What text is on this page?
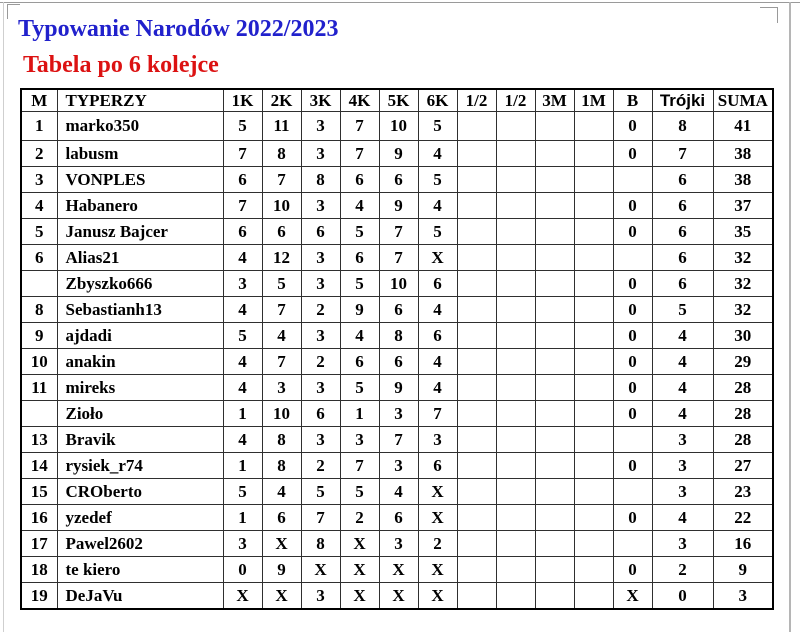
Typowanie Narodów 2022/2023
Tabela po 6 kolejce
M	TYPERZY	1K	2K	3K	4K	5K	6K	1/2	1/2	3M	1M	B	Trójki	SUMA
1	marko350	5	11	3	7	10	5					0	8	41
2	labusm	7	8	3	7	9	4					0	7	38
3	VONPLES	6	7	8	6	6	5						6	38
4	Habanero	7	10	3	4	9	4					0	6	37
5	Janusz Bajcer	6	6	6	5	7	5					0	6	35
6	Alias21	4	12	3	6	7	X						6	32
	Zbyszko666	3	5	3	5	10	6					0	6	32
8	Sebastianh13	4	7	2	9	6	4					0	5	32
9	ajdadi	5	4	3	4	8	6					0	4	30
10	anakin	4	7	2	6	6	4					0	4	29
11	mireks	4	3	3	5	9	4					0	4	28
	Zioło	1	10	6	1	3	7					0	4	28
13	Bravik	4	8	3	3	7	3						3	28
14	rysiek_r74	1	8	2	7	3	6					0	3	27
15	CROberto	5	4	5	5	4	X						3	23
16	yzedef	1	6	7	2	6	X					0	4	22
17	Pawel2602	3	X	8	X	3	2						3	16
18	te kiero	0	9	X	X	X	X					0	2	9
19	DeJaVu	X	X	3	X	X	X					X	0	3
